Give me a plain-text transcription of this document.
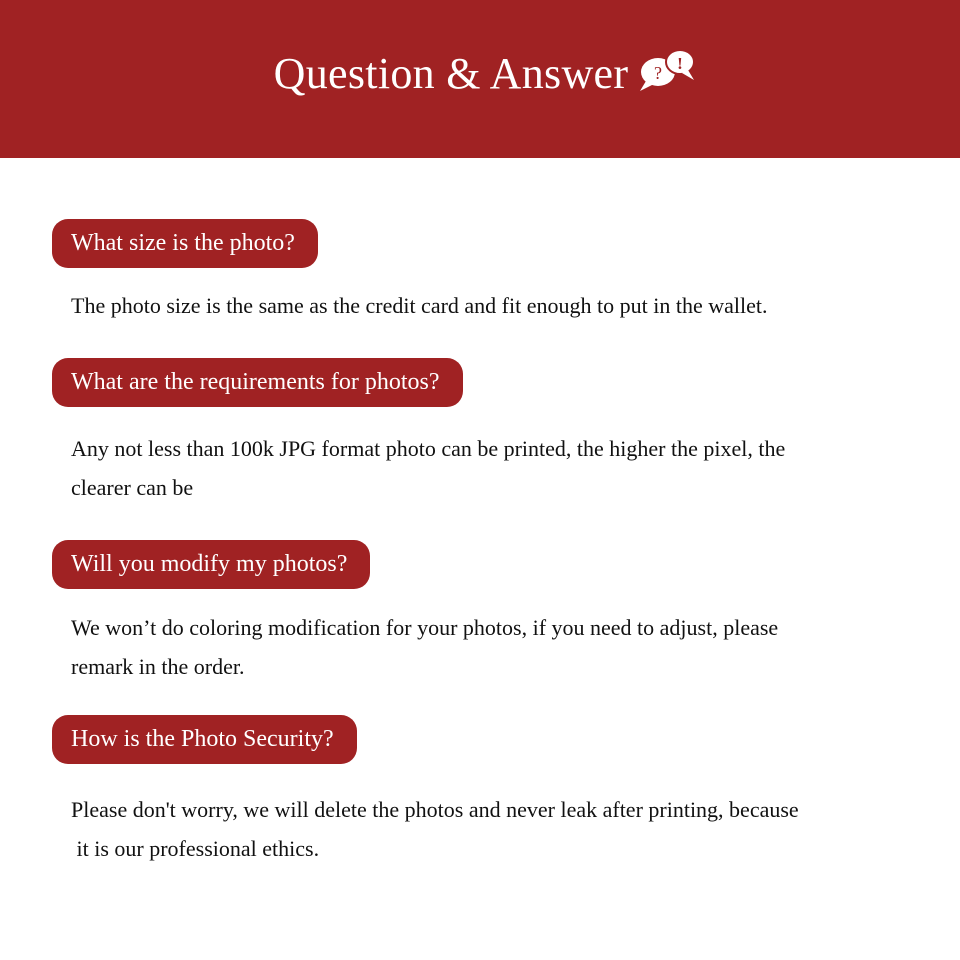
Question & Answer ? !
What size is the photo?

The photo size is the same as the credit card and fit enough to put in the wallet.

What are the requirements for photos?

Any not less than 100k JPG format photo can be printed, the higher the pixel, the
clearer can be

Will you modify my photos?

We won’t do coloring modification for your photos, if you need to adjust, please
remark in the order.

How is the Photo Security?

Please don't worry, we will delete the photos and never leak after printing, because
it is our professional ethics.
